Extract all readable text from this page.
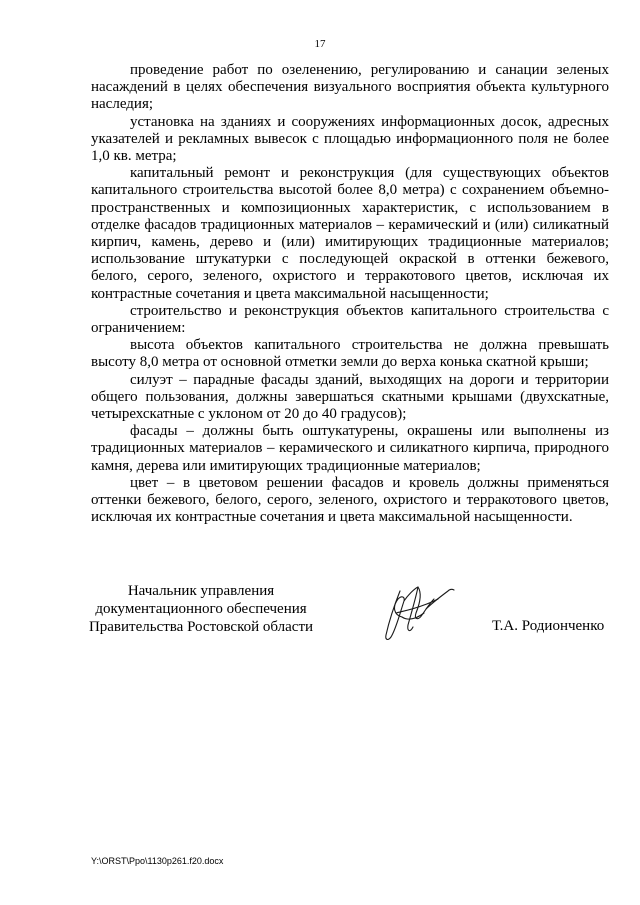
17

проведение работ по озеленению, регулированию и санации зеленых насаждений в целях обеспечения визуального восприятия объекта культурного наследия;

установка на зданиях и сооружениях информационных досок, адресных указателей и рекламных вывесок с площадью информационного поля не более 1,0 кв. метра;

капитальный ремонт и реконструкция (для существующих объектов капитального строительства высотой более 8,0 метра) с сохранением объемно-пространственных и композиционных характеристик, с использованием в отделке фасадов традиционных материалов – керамический и (или) силикатный кирпич, камень, дерево и (или) имитирующих традиционные материалов; использование штукатурки с последующей окраской в оттенки бежевого, белого, серого, зеленого, охристого и терракотового цветов, исключая их контрастные сочетания и цвета максимальной насыщенности;

строительство и реконструкция объектов капитального строительства с ограничением:

высота объектов капитального строительства не должна превышать высоту 8,0 метра от основной отметки земли до верха конька скатной крыши;

силуэт – парадные фасады зданий, выходящих на дороги и территории общего пользования, должны завершаться скатными крышами (двухскатные, четырехскатные с уклоном от 20 до 40 градусов);

фасады – должны быть оштукатурены, окрашены или выполнены из традиционных материалов – керамического и силикатного кирпича, природного камня, дерева или имитирующих традиционные материалов;

цвет – в цветовом решении фасадов и кровель должны применяться оттенки бежевого, белого, серого, зеленого, охристого и терракотового цветов, исключая их контрастные сочетания и цвета максимальной насыщенности.

Начальник управления
документационного обеспечения
Правительства Ростовской области	Т.А. Родионченко
Y:\ORST\Ppo\1130p261.f20.docx
